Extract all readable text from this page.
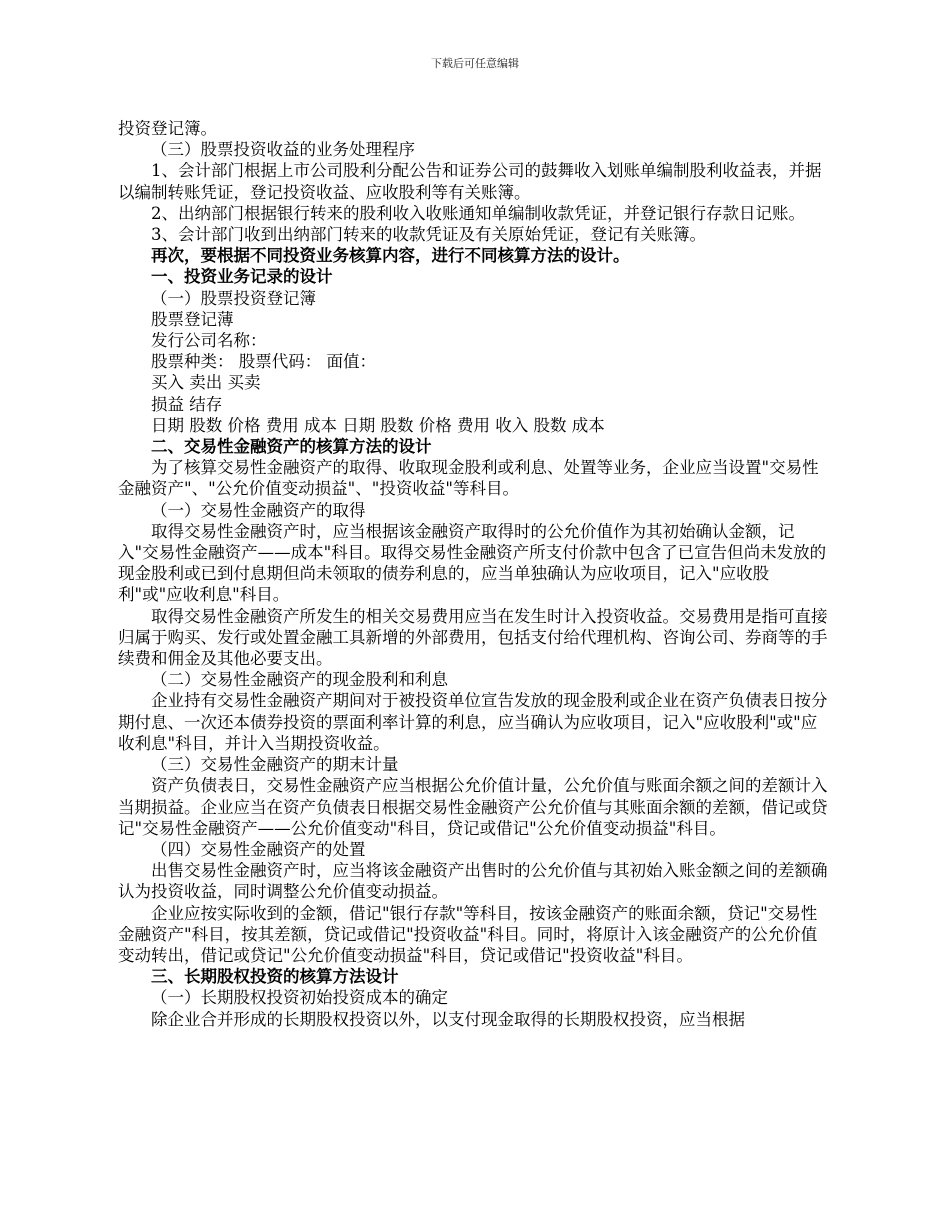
下载后可任意编辑

投资登记簿。

（三）股票投资收益的业务处理程序

1、会计部门根据上市公司股利分配公告和证券公司的鼓舞收入划账单编制股利收益表，并据以编制转账凭证，登记投资收益、应收股利等有关账簿。

2、出纳部门根据银行转来的股利收入收账通知单编制收款凭证，并登记银行存款日记账。

3、会计部门收到出纳部门转来的收款凭证及有关原始凭证，登记有关账簿。

再次，要根据不同投资业务核算内容，进行不同核算方法的设计。

一、投资业务记录的设计

（一）股票投资登记簿

股票登记薄

发行公司名称：

股票种类： 股票代码： 面值：

买入 卖出 买卖

损益 结存

日期 股数 价格 费用 成本 日期 股数 价格 费用 收入 股数 成本

二、交易性金融资产的核算方法的设计

为了核算交易性金融资产的取得、收取现金股利或利息、处置等业务，企业应当设置"交易性金融资产"、"公允价值变动损益"、"投资收益"等科目。

（一）交易性金融资产的取得

取得交易性金融资产时，应当根据该金融资产取得时的公允价值作为其初始确认金额，记入"交易性金融资产——成本"科目。取得交易性金融资产所支付价款中包含了已宣告但尚未发放的现金股利或已到付息期但尚未领取的债券利息的，应当单独确认为应收项目，记入"应收股利"或"应收利息"科目。

取得交易性金融资产所发生的相关交易费用应当在发生时计入投资收益。交易费用是指可直接归属于购买、发行或处置金融工具新增的外部费用，包括支付给代理机构、咨询公司、券商等的手续费和佣金及其他必要支出。

（二）交易性金融资产的现金股利和利息

企业持有交易性金融资产期间对于被投资单位宣告发放的现金股利或企业在资产负债表日按分期付息、一次还本债券投资的票面利率计算的利息，应当确认为应收项目，记入"应收股利"或"应收利息"科目，并计入当期投资收益。

（三）交易性金融资产的期末计量

资产负债表日，交易性金融资产应当根据公允价值计量，公允价值与账面余额之间的差额计入当期损益。企业应当在资产负债表日根据交易性金融资产公允价值与其账面余额的差额，借记或贷记"交易性金融资产——公允价值变动"科目，贷记或借记"公允价值变动损益"科目。

（四）交易性金融资产的处置

出售交易性金融资产时，应当将该金融资产出售时的公允价值与其初始入账金额之间的差额确认为投资收益，同时调整公允价值变动损益。

企业应按实际收到的金额，借记"银行存款"等科目，按该金融资产的账面余额，贷记"交易性金融资产"科目，按其差额，贷记或借记"投资收益"科目。同时，将原计入该金融资产的公允价值变动转出，借记或贷记"公允价值变动损益"科目，贷记或借记"投资收益"科目。

三、长期股权投资的核算方法设计

（一）长期股权投资初始投资成本的确定

除企业合并形成的长期股权投资以外，以支付现金取得的长期股权投资，应当根据
